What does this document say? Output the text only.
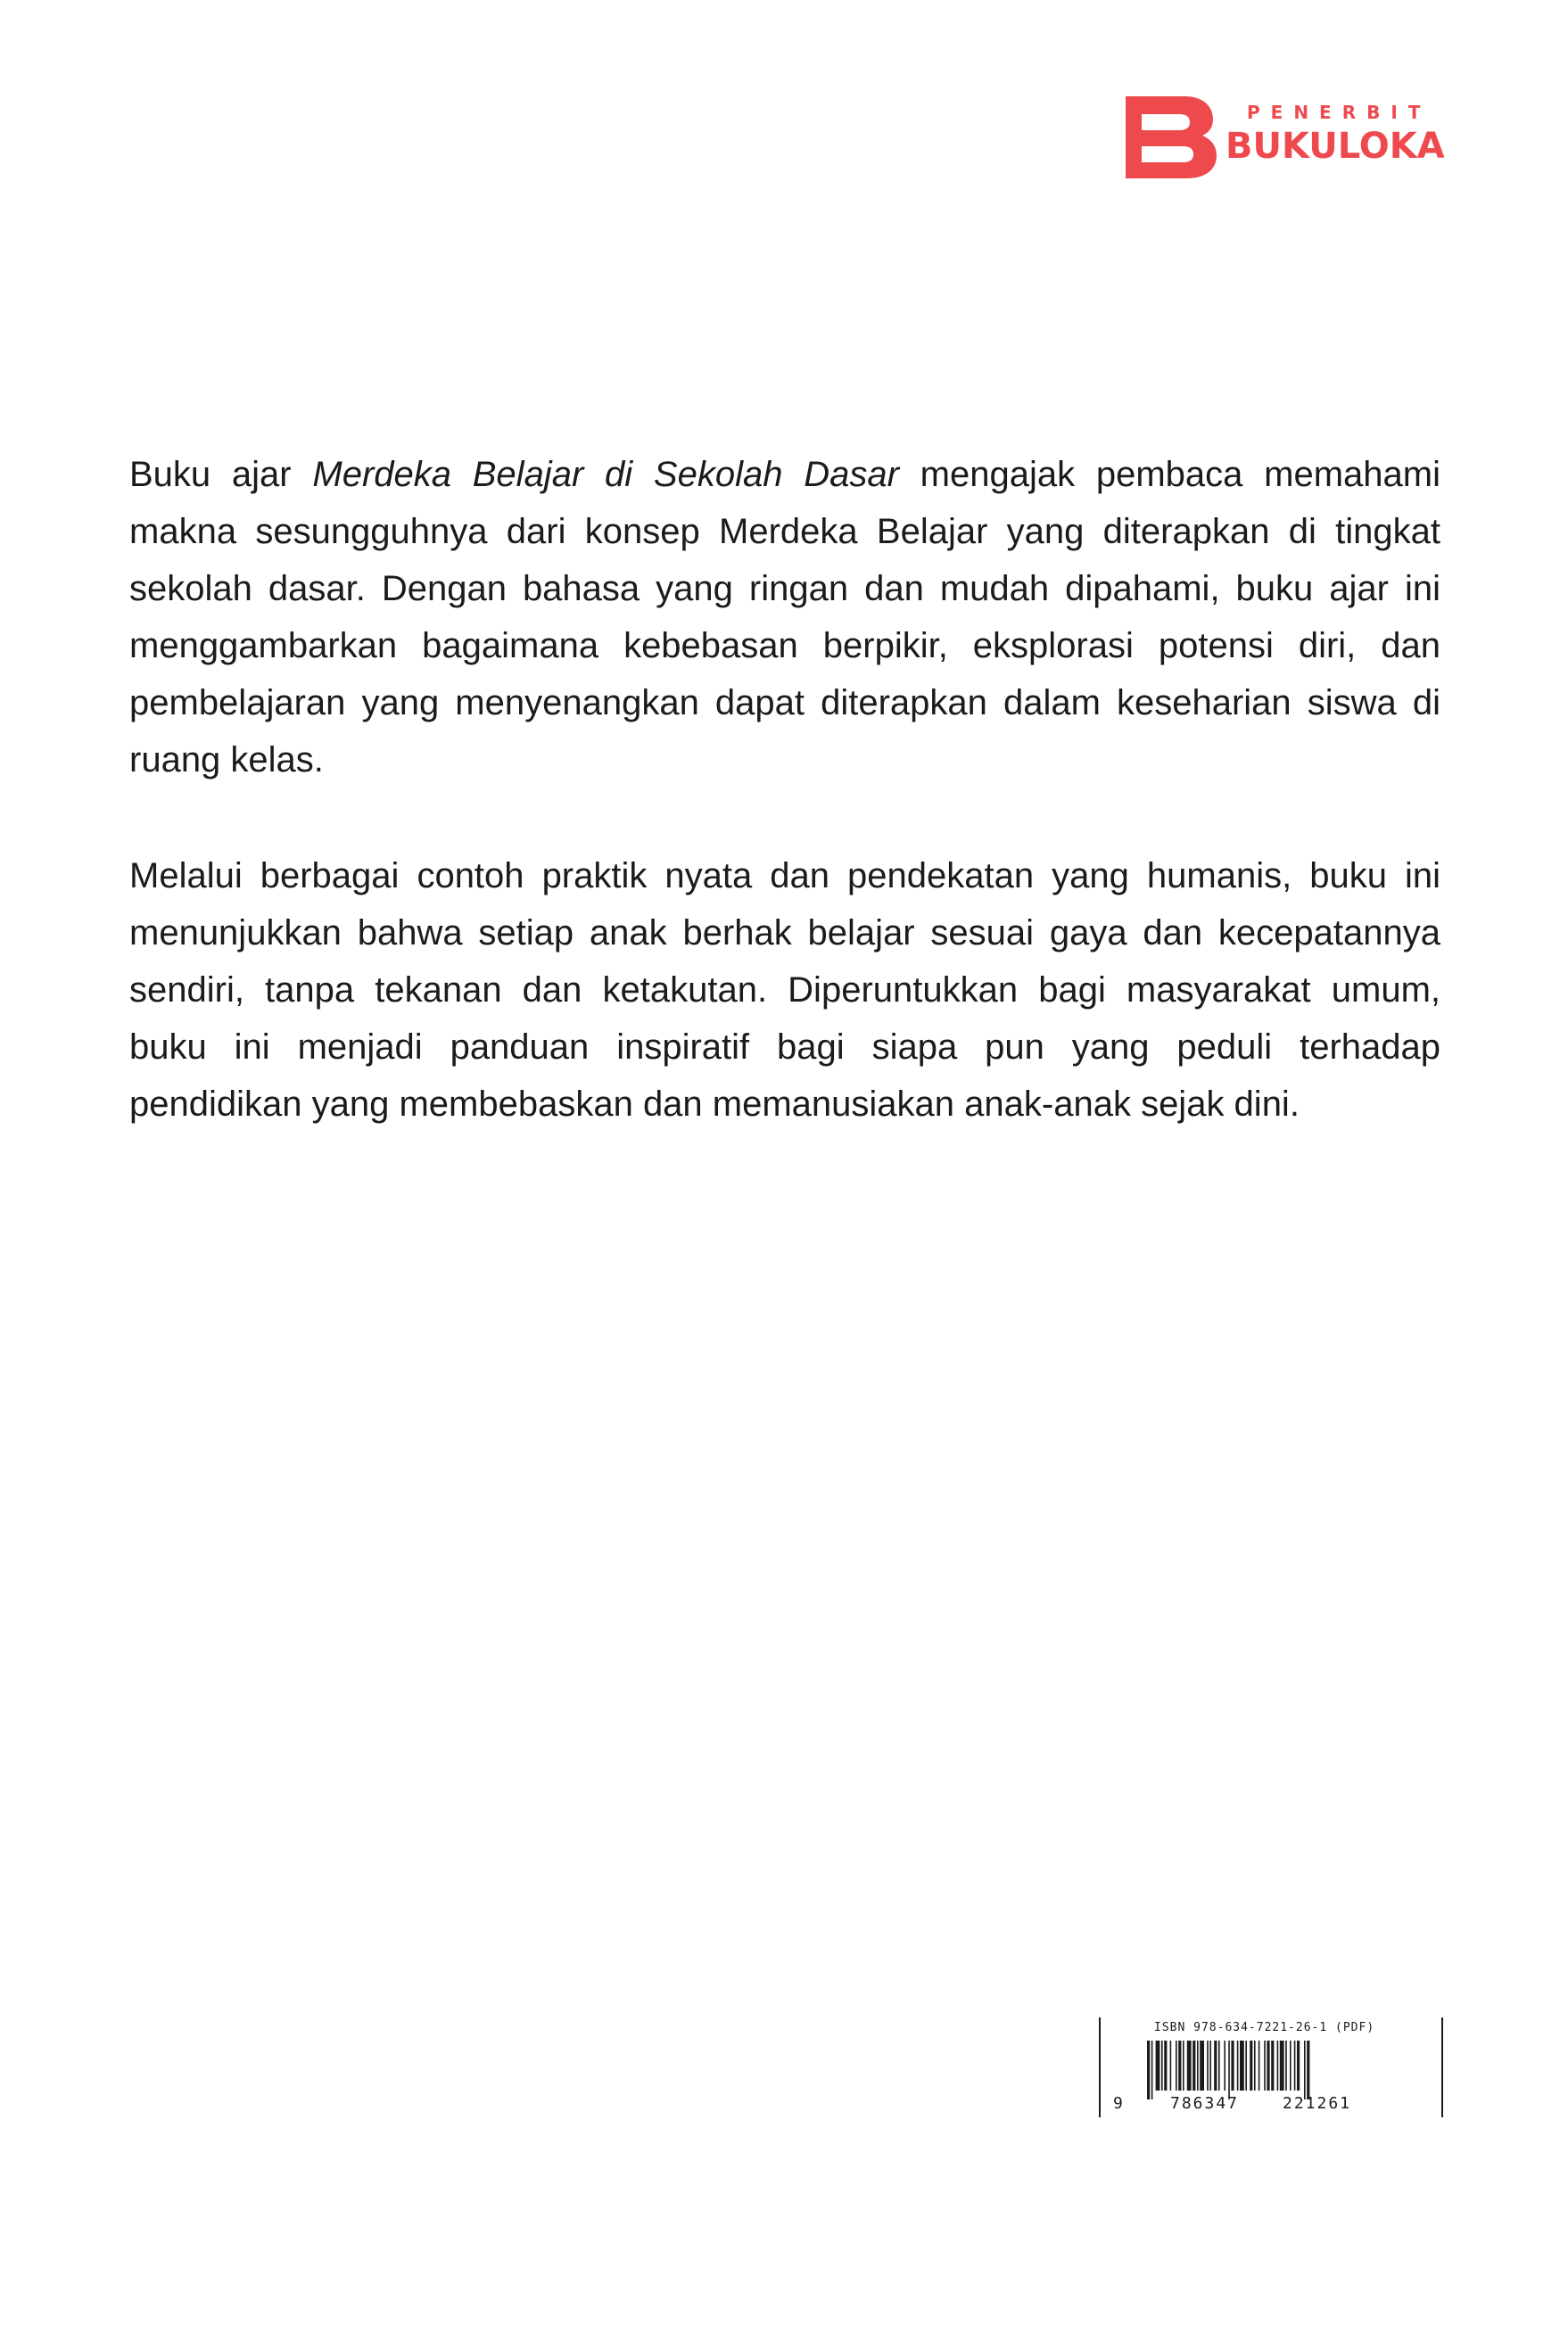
PENERBIT
BUKULOKA

Buku ajar Merdeka Belajar di Sekolah Dasar mengajak pembaca memahami makna sesungguhnya dari konsep Merdeka Belajar yang diterapkan di tingkat sekolah dasar. Dengan bahasa yang ringan dan mudah dipahami, buku ajar ini menggambarkan bagaimana kebebasan berpikir, eksplorasi potensi diri, dan pembelajaran yang menyenangkan dapat diterapkan dalam keseharian siswa di ruang kelas.

Melalui berbagai contoh praktik nyata dan pendekatan yang humanis, buku ini menunjukkan bahwa setiap anak berhak belajar sesuai gaya dan kecepatannya sendiri, tanpa tekanan dan ketakutan. Diperuntukkan bagi masyarakat umum, buku ini menjadi panduan inspiratif bagi siapa pun yang peduli terhadap pendidikan yang membebaskan dan memanusiakan anak-anak sejak dini.

ISBN 978-634-7221-26-1 (PDF)
9	786347	221261
